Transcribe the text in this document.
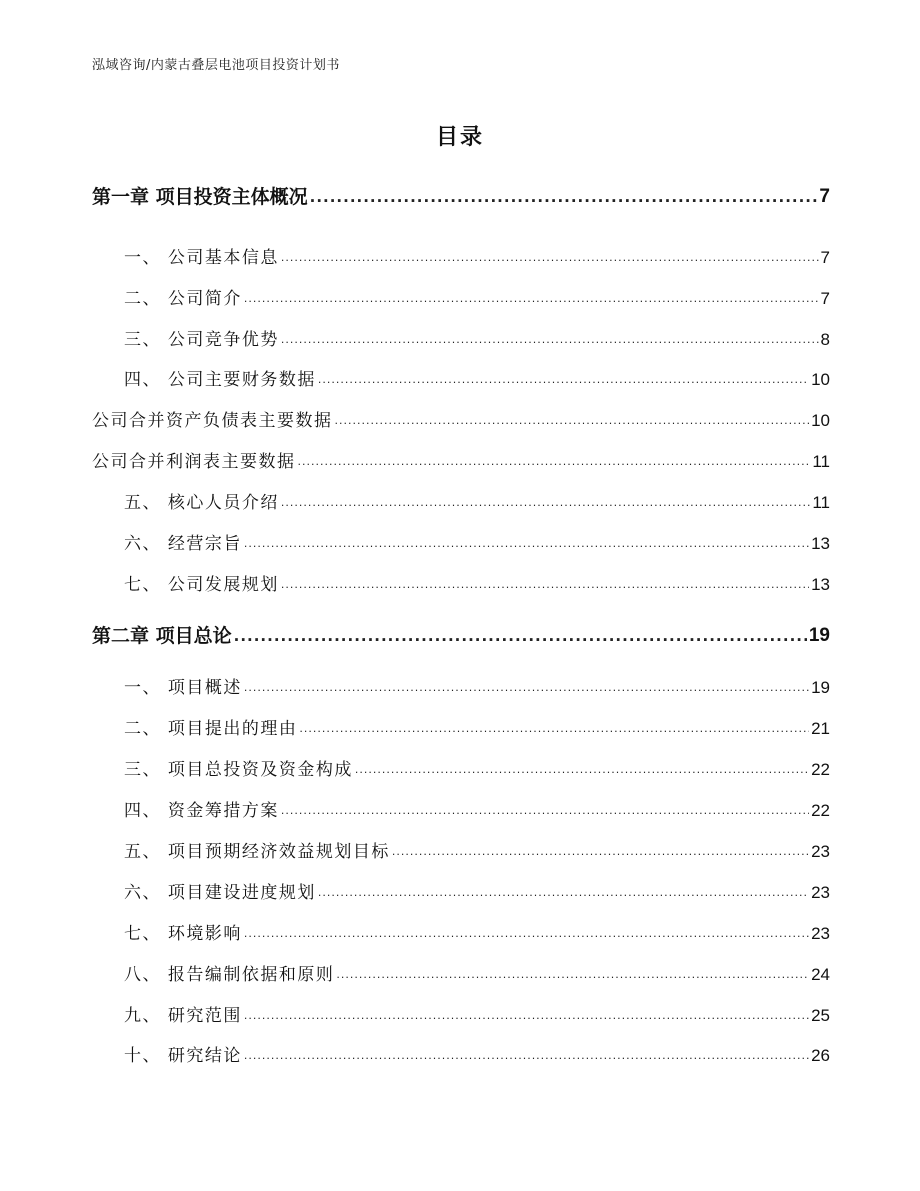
泓域咨询/内蒙古叠层电池项目投资计划书
目录
第一章 项目投资主体概况 .....	7
一、 公司基本信息 .....	7
二、 公司简介 .....	7
三、 公司竞争优势 .....	8
四、 公司主要财务数据 .....	10
公司合并资产负债表主要数据 .....	10
公司合并利润表主要数据 .....	11
五、 核心人员介绍 .....	11
六、 经营宗旨 .....	13
七、 公司发展规划 .....	13
第二章 项目总论 .....	19
一、 项目概述 .....	19
二、 项目提出的理由 .....	21
三、 项目总投资及资金构成 .....	22
四、 资金筹措方案 .....	22
五、 项目预期经济效益规划目标 .....	23
六、 项目建设进度规划 .....	23
七、 环境影响 .....	23
八、 报告编制依据和原则 .....	24
九、 研究范围 .....	25
十、 研究结论 .....	26
